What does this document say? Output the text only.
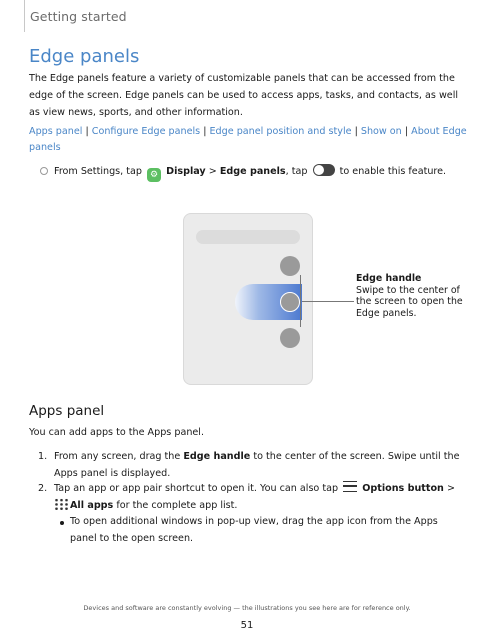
Getting started
Edge panels
The Edge panels feature a variety of customizable panels that can be accessed from the edge of the screen. Edge panels can be used to access apps, tasks, and contacts, as well as view news, sports, and other information.
Apps panel | Configure Edge panels | Edge panel position and style | Show on | About Edge panels
From Settings, tap ⚙ Display > Edge panels, tap	to enable this feature.
Edge handle
Swipe to the center of the screen to open the Edge panels.
Apps panel
You can add apps to the Apps panel.
1. From any screen, drag the Edge handle to the center of the screen. Swipe until the Apps panel is displayed.
2. Tap an app or app pair shortcut to open it. You can also tap	Options button >
All apps for the complete app list.
To open additional windows in pop-up view, drag the app icon from the Apps panel to the open screen.
Devices and software are constantly evolving — the illustrations you see here are for reference only.
51
